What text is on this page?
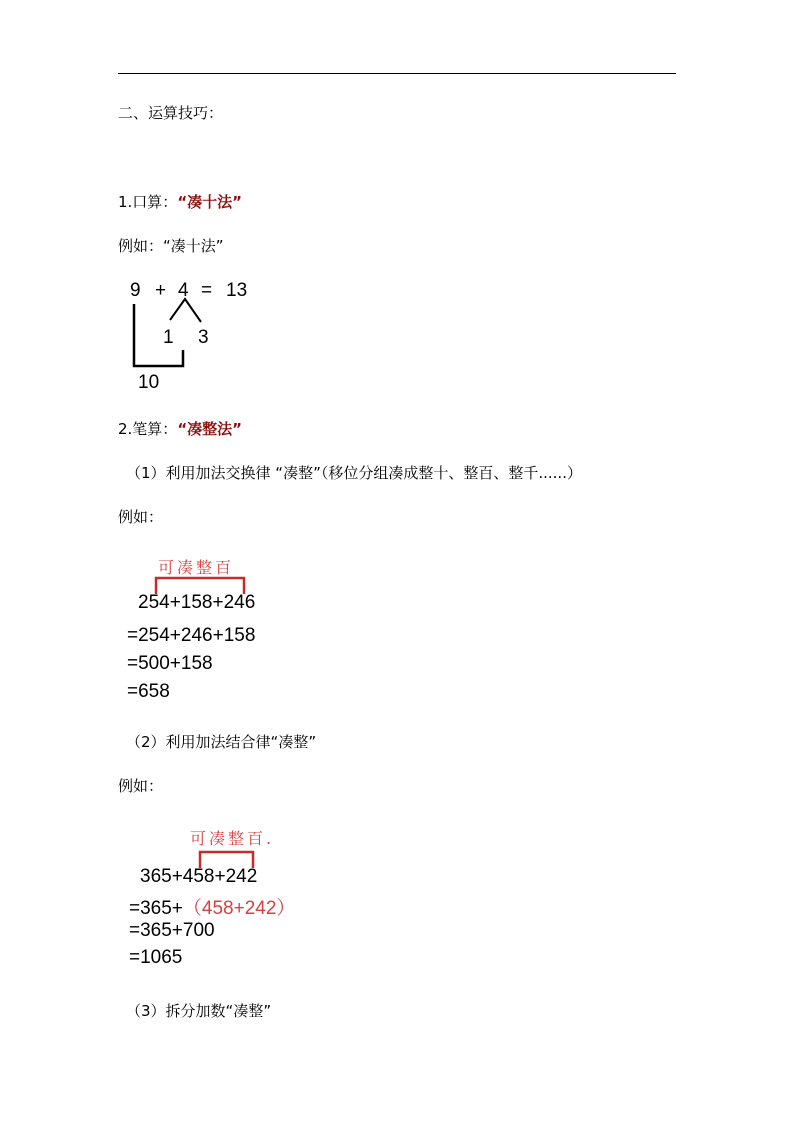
二、运算技巧：
1.口算：“凑十法”
例如：“凑十法”
9 + 4 = 13
1 3
10
2.笔算：“凑整法”
（1）利用加法交换律 “凑整”（移位分组凑成整十、整百、整千......）
例如：
可凑整百
254+158+246
=254+246+158
=500+158
=658
（2）利用加法结合律“凑整”
例如：
可凑整百.
365+458+242
=365+（458+242）
=365+700
=1065
（3）拆分加数“凑整”
